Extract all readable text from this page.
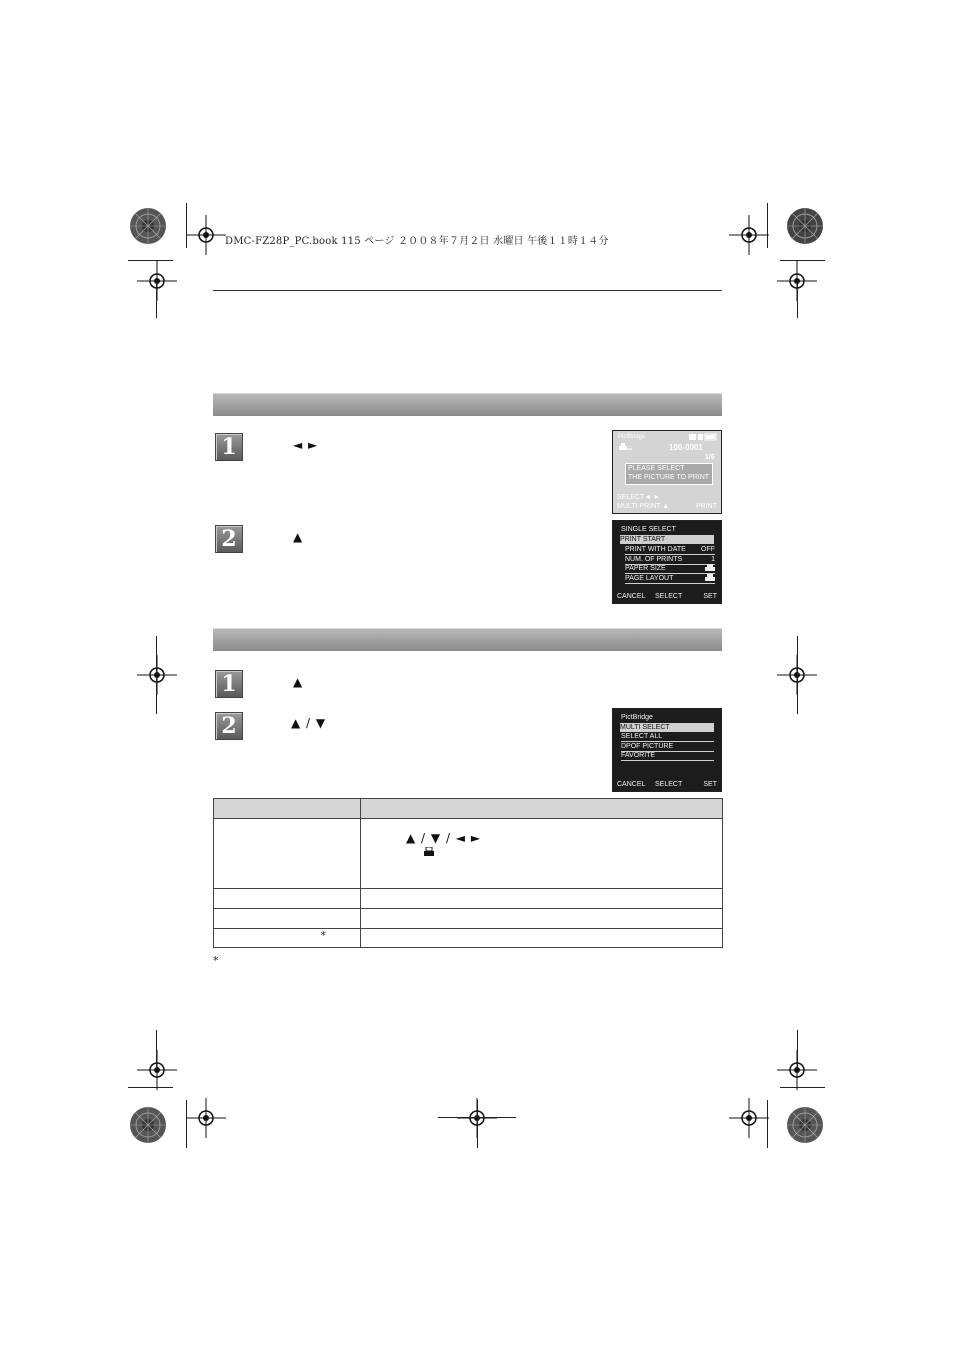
DMC-FZ28P_PC.book 115 ページ ２００８年７月２日 水曜日 午後１１時１４分
1	◄ ►
PictBridge
100-0001
1/6
PLEASE SELECT
THE PICTURE TO PRINT
SELECT◄ ►
MULTI PRINT ▲	PRINT
2	▲
SINGLE SELECT
PRINT START
PRINT WITH DATE OFF
NUM. OF PRINTS	1
PAPER SIZE
PAGE LAYOUT
CANCEL SELECT	SET
1	▲
2	▲ / ▼	PictBridge
MULTI SELECT
SELECT ALL
DPOF PICTURE
FAVORITE
CANCEL SELECT	SET

	▲ / ▼ / ◄ ►

*	
*
